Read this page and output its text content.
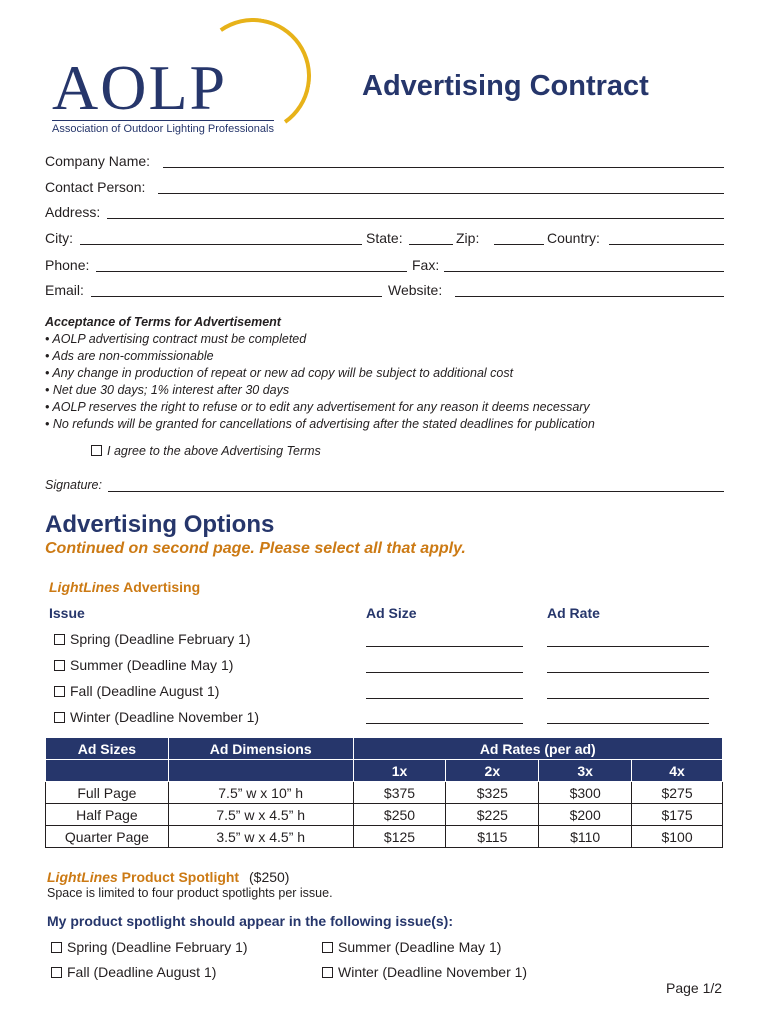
AOLP
Association of Outdoor Lighting Professionals
Advertising Contract
Company Name:
Contact Person:
Address:
City:	State:	Zip:	Country:
Phone:	Fax:
Email:	Website:
Acceptance of Terms for Advertisement
• AOLP advertising contract must be completed
• Ads are non-commissionable
• Any change in production of repeat or new ad copy will be subject to additional cost
• Net due 30 days; 1% interest after 30 days
• AOLP reserves the right to refuse or to edit any advertisement for any reason it deems necessary
• No refunds will be granted for cancellations of advertising after the stated deadlines for publication
I agree to the above Advertising Terms
Signature:
Advertising Options
Continued on second page. Please select all that apply.
LightLines Advertising
Issue	Ad Size	Ad Rate
Spring (Deadline February 1)
Summer (Deadline May 1)
Fall (Deadline August 1)
Winter (Deadline November 1)
Ad Sizes	Ad Dimensions	Ad Rates (per ad)			
		1x	2x	3x	4x
Full Page	7.5” w x 10” h	$375	$325	$300	$275
Half Page	7.5” w x 4.5” h	$250	$225	$200	$175
Quarter Page	3.5” w x 4.5” h	$125	$115	$110	$100
LightLines Product Spotlight ($250)
Space is limited to four product spotlights per issue.
My product spotlight should appear in the following issue(s):
Spring (Deadline February 1)	Summer (Deadline May 1)
Fall (Deadline August 1)	Winter (Deadline November 1)
Page 1/2
